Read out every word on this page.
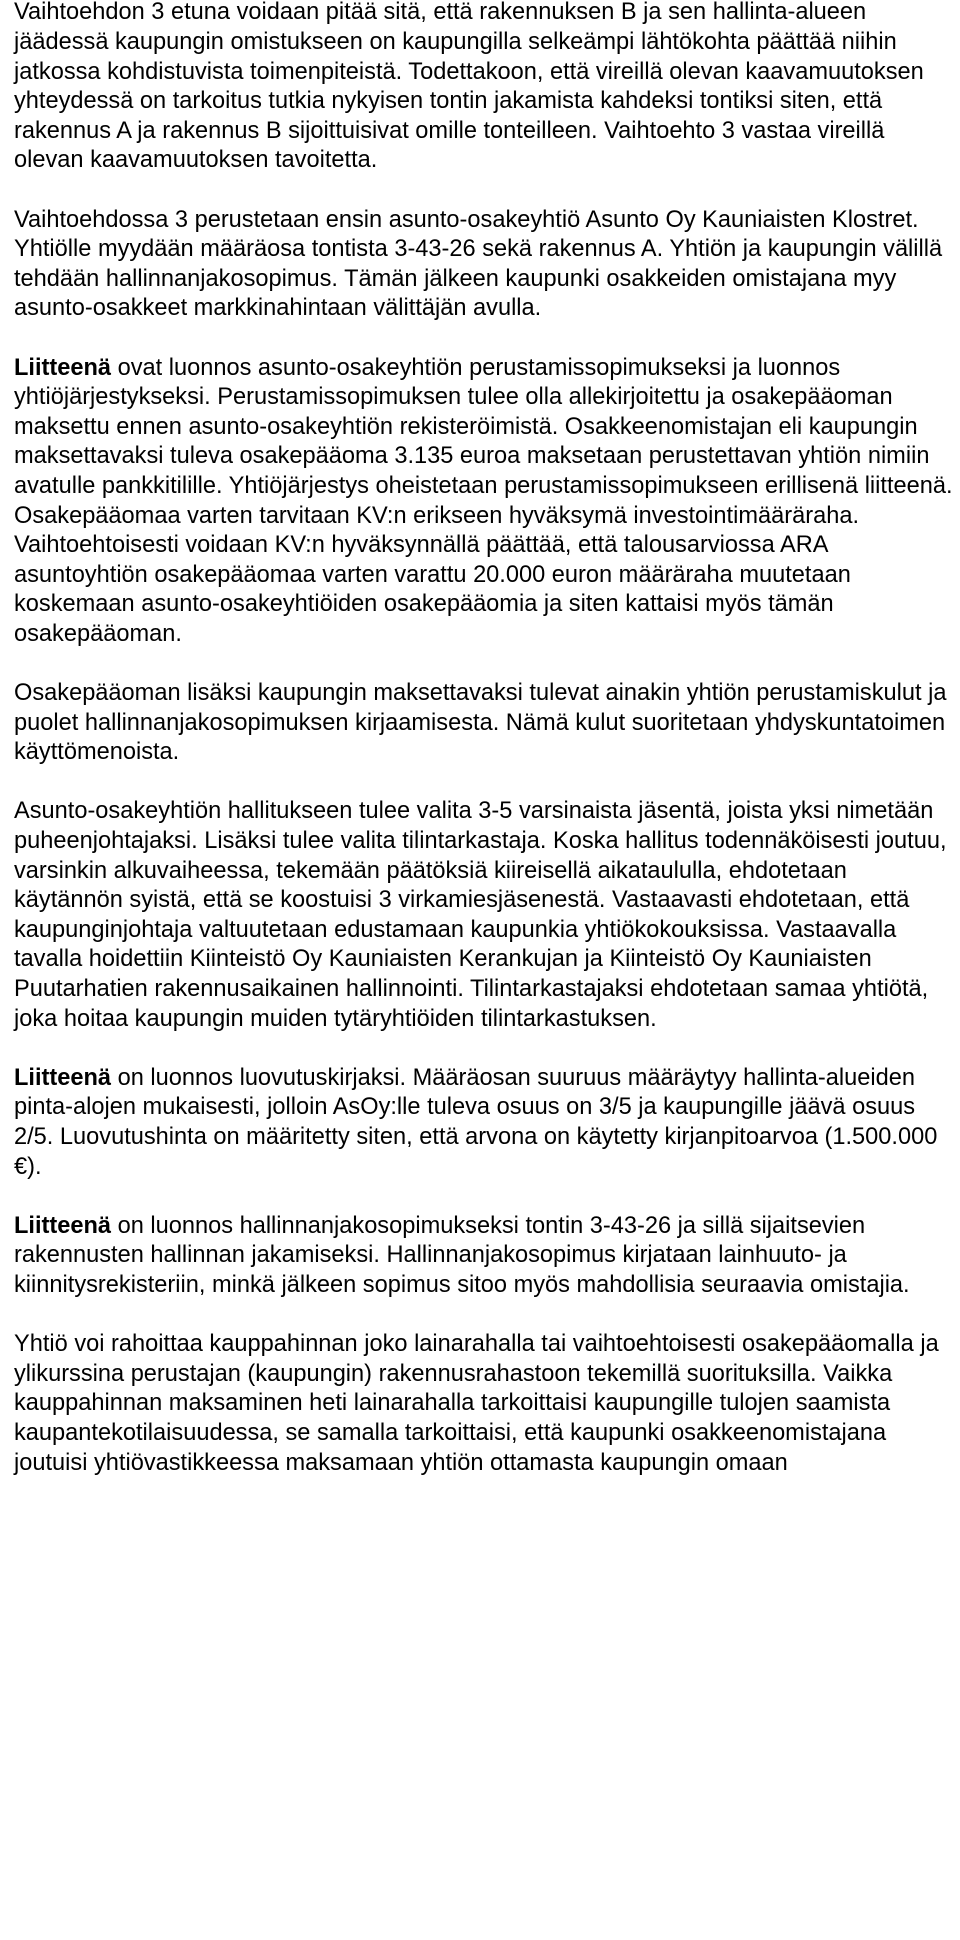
Vaihtoehdon 3 etuna voidaan pitää sitä, että rakennuksen B ja sen hallinta-alueen jäädessä kaupungin omistukseen on kaupungilla selkeämpi lähtökohta päättää niihin jatkossa kohdistuvista toimenpiteistä. Todettakoon, että vireillä olevan kaavamuutoksen yhteydessä on tarkoitus tutkia nykyisen tontin jakamista kahdeksi tontiksi siten, että rakennus A ja rakennus B sijoittuisivat omille tonteilleen. Vaihtoehto 3 vastaa vireillä olevan kaavamuutoksen tavoitetta.

Vaihtoehdossa 3 perustetaan ensin asunto-osakeyhtiö Asunto Oy Kauniaisten Klostret. Yhtiölle myydään määräosa tontista 3-43-26 sekä rakennus A. Yhtiön ja kaupungin välillä tehdään hallinnanjakosopimus. Tämän jälkeen kaupunki osakkeiden omistajana myy asunto-osakkeet markkinahintaan välittäjän avulla.

Liitteenä ovat luonnos asunto-osakeyhtiön perustamissopimukseksi ja luonnos yhtiöjärjestykseksi. Perustamissopimuksen tulee olla allekirjoitettu ja osakepääoman maksettu ennen asunto-osakeyhtiön rekisteröimistä. Osakkeenomistajan eli kaupungin maksettavaksi tuleva osakepääoma 3.135 euroa maksetaan perustettavan yhtiön nimiin avatulle pankkitilille. Yhtiöjärjestys oheistetaan perustamissopimukseen erillisenä liitteenä. Osakepääomaa varten tarvitaan KV:n erikseen hyväksymä investointimääräraha. Vaihtoehtoisesti voidaan KV:n hyväksynnällä päättää, että talousarviossa ARA asuntoyhtiön osakepääomaa varten varattu 20.000 euron määräraha muutetaan koskemaan asunto-osakeyhtiöiden osakepääomia ja siten kattaisi myös tämän osakepääoman.

Osakepääoman lisäksi kaupungin maksettavaksi tulevat ainakin yhtiön perustamiskulut ja puolet hallinnanjakosopimuksen kirjaamisesta. Nämä kulut suoritetaan yhdyskuntatoimen käyttömenoista.

Asunto-osakeyhtiön hallitukseen tulee valita 3-5 varsinaista jäsentä, joista yksi nimetään puheenjohtajaksi. Lisäksi tulee valita tilintarkastaja. Koska hallitus todennäköisesti joutuu, varsinkin alkuvaiheessa, tekemään päätöksiä kiireisellä aikataululla, ehdotetaan käytännön syistä, että se koostuisi 3 virkamiesjäsenestä. Vastaavasti ehdotetaan, että kaupunginjohtaja valtuutetaan edustamaan kaupunkia yhtiökokouksissa. Vastaavalla tavalla hoidettiin Kiinteistö Oy Kauniaisten Kerankujan ja Kiinteistö Oy Kauniaisten Puutarhatien rakennusaikainen hallinnointi. Tilintarkastajaksi ehdotetaan samaa yhtiötä, joka hoitaa kaupungin muiden tytäryhtiöiden tilintarkastuksen.

Liitteenä on luonnos luovutuskirjaksi. Määräosan suuruus määräytyy hallinta-alueiden pinta-alojen mukaisesti, jolloin AsOy:lle tuleva osuus on 3/5 ja kaupungille jäävä osuus 2/5. Luovutushinta on määritetty siten, että arvona on käytetty kirjanpitoarvoa (1.500.000 €).

Liitteenä on luonnos hallinnanjakosopimukseksi tontin 3-43-26 ja sillä sijaitsevien rakennusten hallinnan jakamiseksi. Hallinnanjakosopimus kirjataan lainhuuto- ja kiinnitysrekisteriin, minkä jälkeen sopimus sitoo myös mahdollisia seuraavia omistajia.

Yhtiö voi rahoittaa kauppahinnan joko lainarahalla tai vaihtoehtoisesti osakepääomalla ja ylikurssina perustajan (kaupungin) rakennusrahastoon tekemillä suorituksilla. Vaikka kauppahinnan maksaminen heti lainarahalla tarkoittaisi kaupungille tulojen saamista kaupantekotilaisuudessa, se samalla tarkoittaisi, että kaupunki osakkeenomistajana joutuisi yhtiövastikkeessa maksamaan yhtiön ottamasta kaupungin omaan
